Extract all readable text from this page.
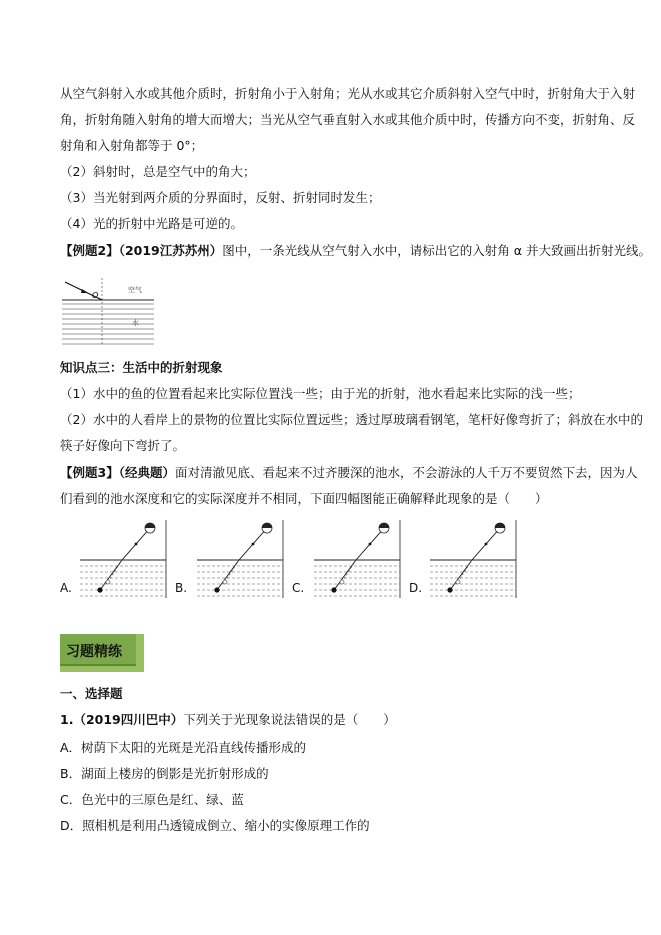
从空气斜射入水或其他介质时，折射角小于入射角；光从水或其它介质斜射入空气中时，折射角大于入射
角，折射角随入射角的增大而增大；当光从空气垂直射入水或其他介质中时，传播方向不变，折射角、反
射角和入射角都等于 0°；
（2）斜射时，总是空气中的角大；
（3）当光射到两介质的分界面时，反射、折射同时发生；
（4）光的折射中光路是可逆的。
【例题2】（2019江苏苏州）图中，一条光线从空气射入水中，请标出它的入射角 α 并大致画出折射光线。
O
空气
水
知识点三：生活中的折射现象
（1）水中的鱼的位置看起来比实际位置浅一些；由于光的折射，池水看起来比实际的浅一些；
（2）水中的人看岸上的景物的位置比实际位置远些；透过厚玻璃看钢笔，笔杆好像弯折了；斜放在水中的
筷子好像向下弯折了。
【例题3】（经典题）面对清澈见底、看起来不过齐腰深的池水，不会游泳的人千万不要贸然下去，因为人
们看到的池水深度和它的实际深度并不相同，下面四幅图能正确解释此现象的是（　　）
A.	B.	C.	D.
习题精练
一、选择题
1.（2019四川巴中）下列关于光现象说法错误的是（　　）
A．树荫下太阳的光斑是光沿直线传播形成的
B．湖面上楼房的倒影是光折射形成的
C．色光中的三原色是红、绿、蓝
D．照相机是利用凸透镜成倒立、缩小的实像原理工作的
